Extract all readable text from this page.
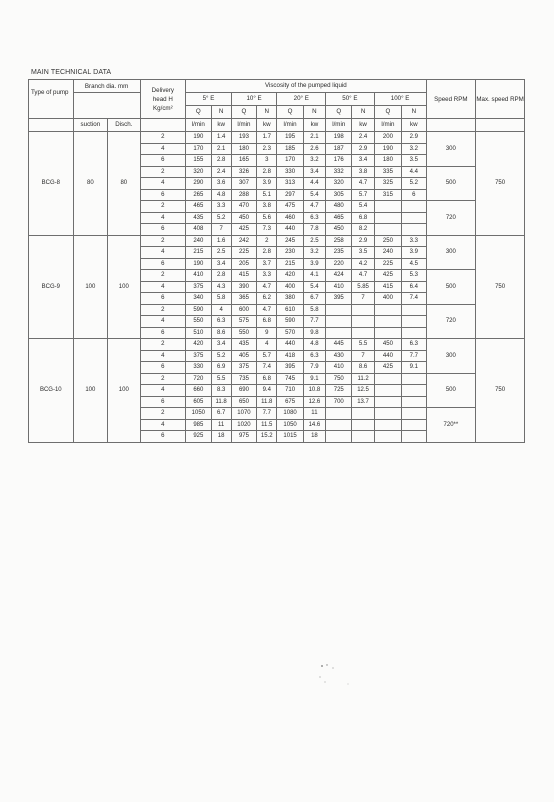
MAIN TECHNICAL DATA
Type of pump	Branch dia. mm		Delivery
head H
Kg/cm²	Viscosity of the pumped liquid										Speed RPM	Max. speed RPM
				5° E		10° E		20° E		50° E		100° E			
				Q	N	Q	N	Q	N	Q	N	Q	N		
	suction	Disch.		l/min	kw	l/min	kw	l/min	kw	l/min	kw	l/min	kw		
BCG-8	80	80	2	190	1.4	193	1.7	195	2.1	198	2.4	200	2.9	300	750
			4	170	2.1	180	2.3	185	2.6	187	2.9	190	3.2		
			6	155	2.8	165	3	170	3.2	176	3.4	180	3.5		
			2	320	2.4	326	2.8	330	3.4	332	3.8	335	4.4	500	
			4	290	3.6	307	3.9	313	4.4	320	4.7	325	5.2		
			6	265	4.8	288	5.1	297	5.4	305	5.7	315	6		
			2	465	3.3	470	3.8	475	4.7	480	5.4			720	
			4	435	5.2	450	5.6	460	6.3	465	6.8				
			6	408	7	425	7.3	440	7.8	450	8.2				
BCG-9	100	100	2	240	1.6	242	2	245	2.5	258	2.9	250	3.3	300	750
			4	215	2.5	225	2.8	230	3.2	235	3.5	240	3.9		
			6	190	3.4	205	3.7	215	3.9	220	4.2	225	4.5		
			2	410	2.8	415	3.3	420	4.1	424	4.7	425	5.3	500	
			4	375	4.3	390	4.7	400	5.4	410	5.85	415	6.4		
			6	340	5.8	365	6.2	380	6.7	395	7	400	7.4		
			2	590	4	600	4.7	610	5.8					720	
			4	550	6.3	575	6.8	590	7.7						
			6	510	8.6	550	9	570	9.8						
BCG-10	100	100	2	420	3.4	435	4	440	4.8	445	5.5	450	6.3	300	750
			4	375	5.2	405	5.7	418	6.3	430	7	440	7.7		
			6	330	6.9	375	7.4	395	7.9	410	8.6	425	9.1		
			2	720	5.5	735	6.8	745	9.1	750	11.2			500	
			4	660	8.3	690	9.4	710	10.8	725	12.5				
			6	605	11.8	650	11.8	675	12.6	700	13.7				
			2	1050	6.7	1070	7.7	1080	11					720**	
			4	985	11	1020	11.5	1050	14.6						
			6	925	18	975	15.2	1015	18						
